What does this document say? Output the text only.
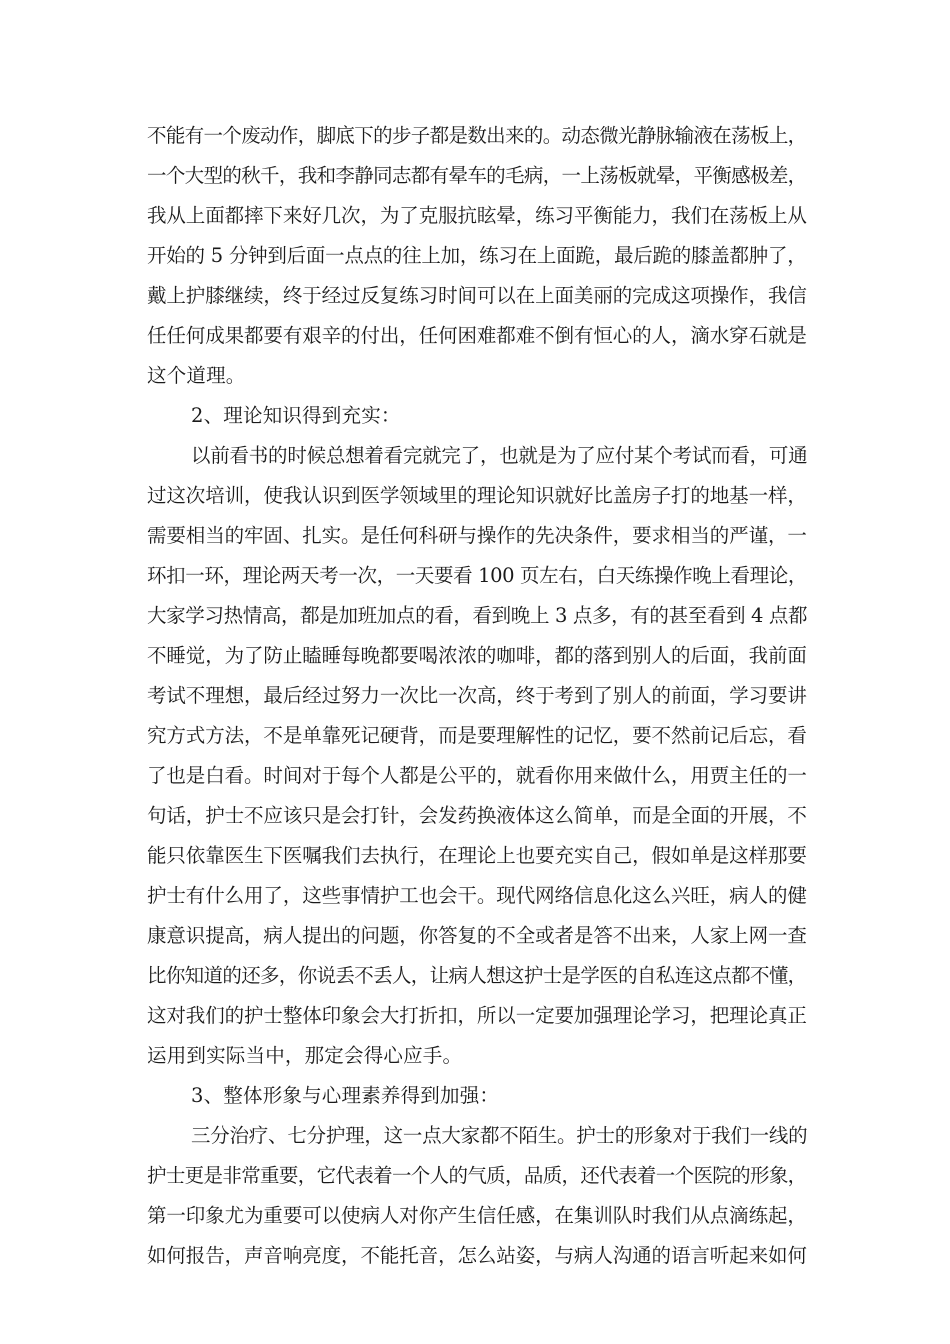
不能有一个废动作，脚底下的步子都是数出来的。动态微光静脉输液在荡板上，
一个大型的秋千，我和李静同志都有晕车的毛病，一上荡板就晕，平衡感极差，
我从上面都摔下来好几次，为了克服抗眩晕，练习平衡能力，我们在荡板上从
开始的 5 分钟到后面一点点的往上加，练习在上面跪，最后跪的膝盖都肿了，
戴上护膝继续，终于经过反复练习时间可以在上面美丽的完成这项操作，我信
任任何成果都要有艰辛的付出，任何困难都难不倒有恒心的人，滴水穿石就是
这个道理。
2、理论知识得到充实：
以前看书的时候总想着看完就完了，也就是为了应付某个考试而看，可通
过这次培训，使我认识到医学领域里的理论知识就好比盖房子打的地基一样，
需要相当的牢固、扎实。是任何科研与操作的先决条件，要求相当的严谨，一
环扣一环，理论两天考一次，一天要看 100 页左右，白天练操作晚上看理论，
大家学习热情高，都是加班加点的看，看到晚上 3 点多，有的甚至看到 4 点都
不睡觉，为了防止瞌睡每晚都要喝浓浓的咖啡，都的落到别人的后面，我前面
考试不理想，最后经过努力一次比一次高，终于考到了别人的前面，学习要讲
究方式方法，不是单靠死记硬背，而是要理解性的记忆，要不然前记后忘，看
了也是白看。时间对于每个人都是公平的，就看你用来做什么，用贾主任的一
句话，护士不应该只是会打针，会发药换液体这么简单，而是全面的开展，不
能只依靠医生下医嘱我们去执行，在理论上也要充实自己，假如单是这样那要
护士有什么用了，这些事情护工也会干。现代网络信息化这么兴旺，病人的健
康意识提高，病人提出的问题，你答复的不全或者是答不出来，人家上网一查
比你知道的还多，你说丢不丢人，让病人想这护士是学医的自私连这点都不懂，
这对我们的护士整体印象会大打折扣，所以一定要加强理论学习，把理论真正
运用到实际当中，那定会得心应手。
3、整体形象与心理素养得到加强：
三分治疗、七分护理，这一点大家都不陌生。护士的形象对于我们一线的
护士更是非常重要，它代表着一个人的气质，品质，还代表着一个医院的形象，
第一印象尤为重要可以使病人对你产生信任感，在集训队时我们从点滴练起，
如何报告，声音响亮度，不能托音，怎么站姿，与病人沟通的语言听起来如何
